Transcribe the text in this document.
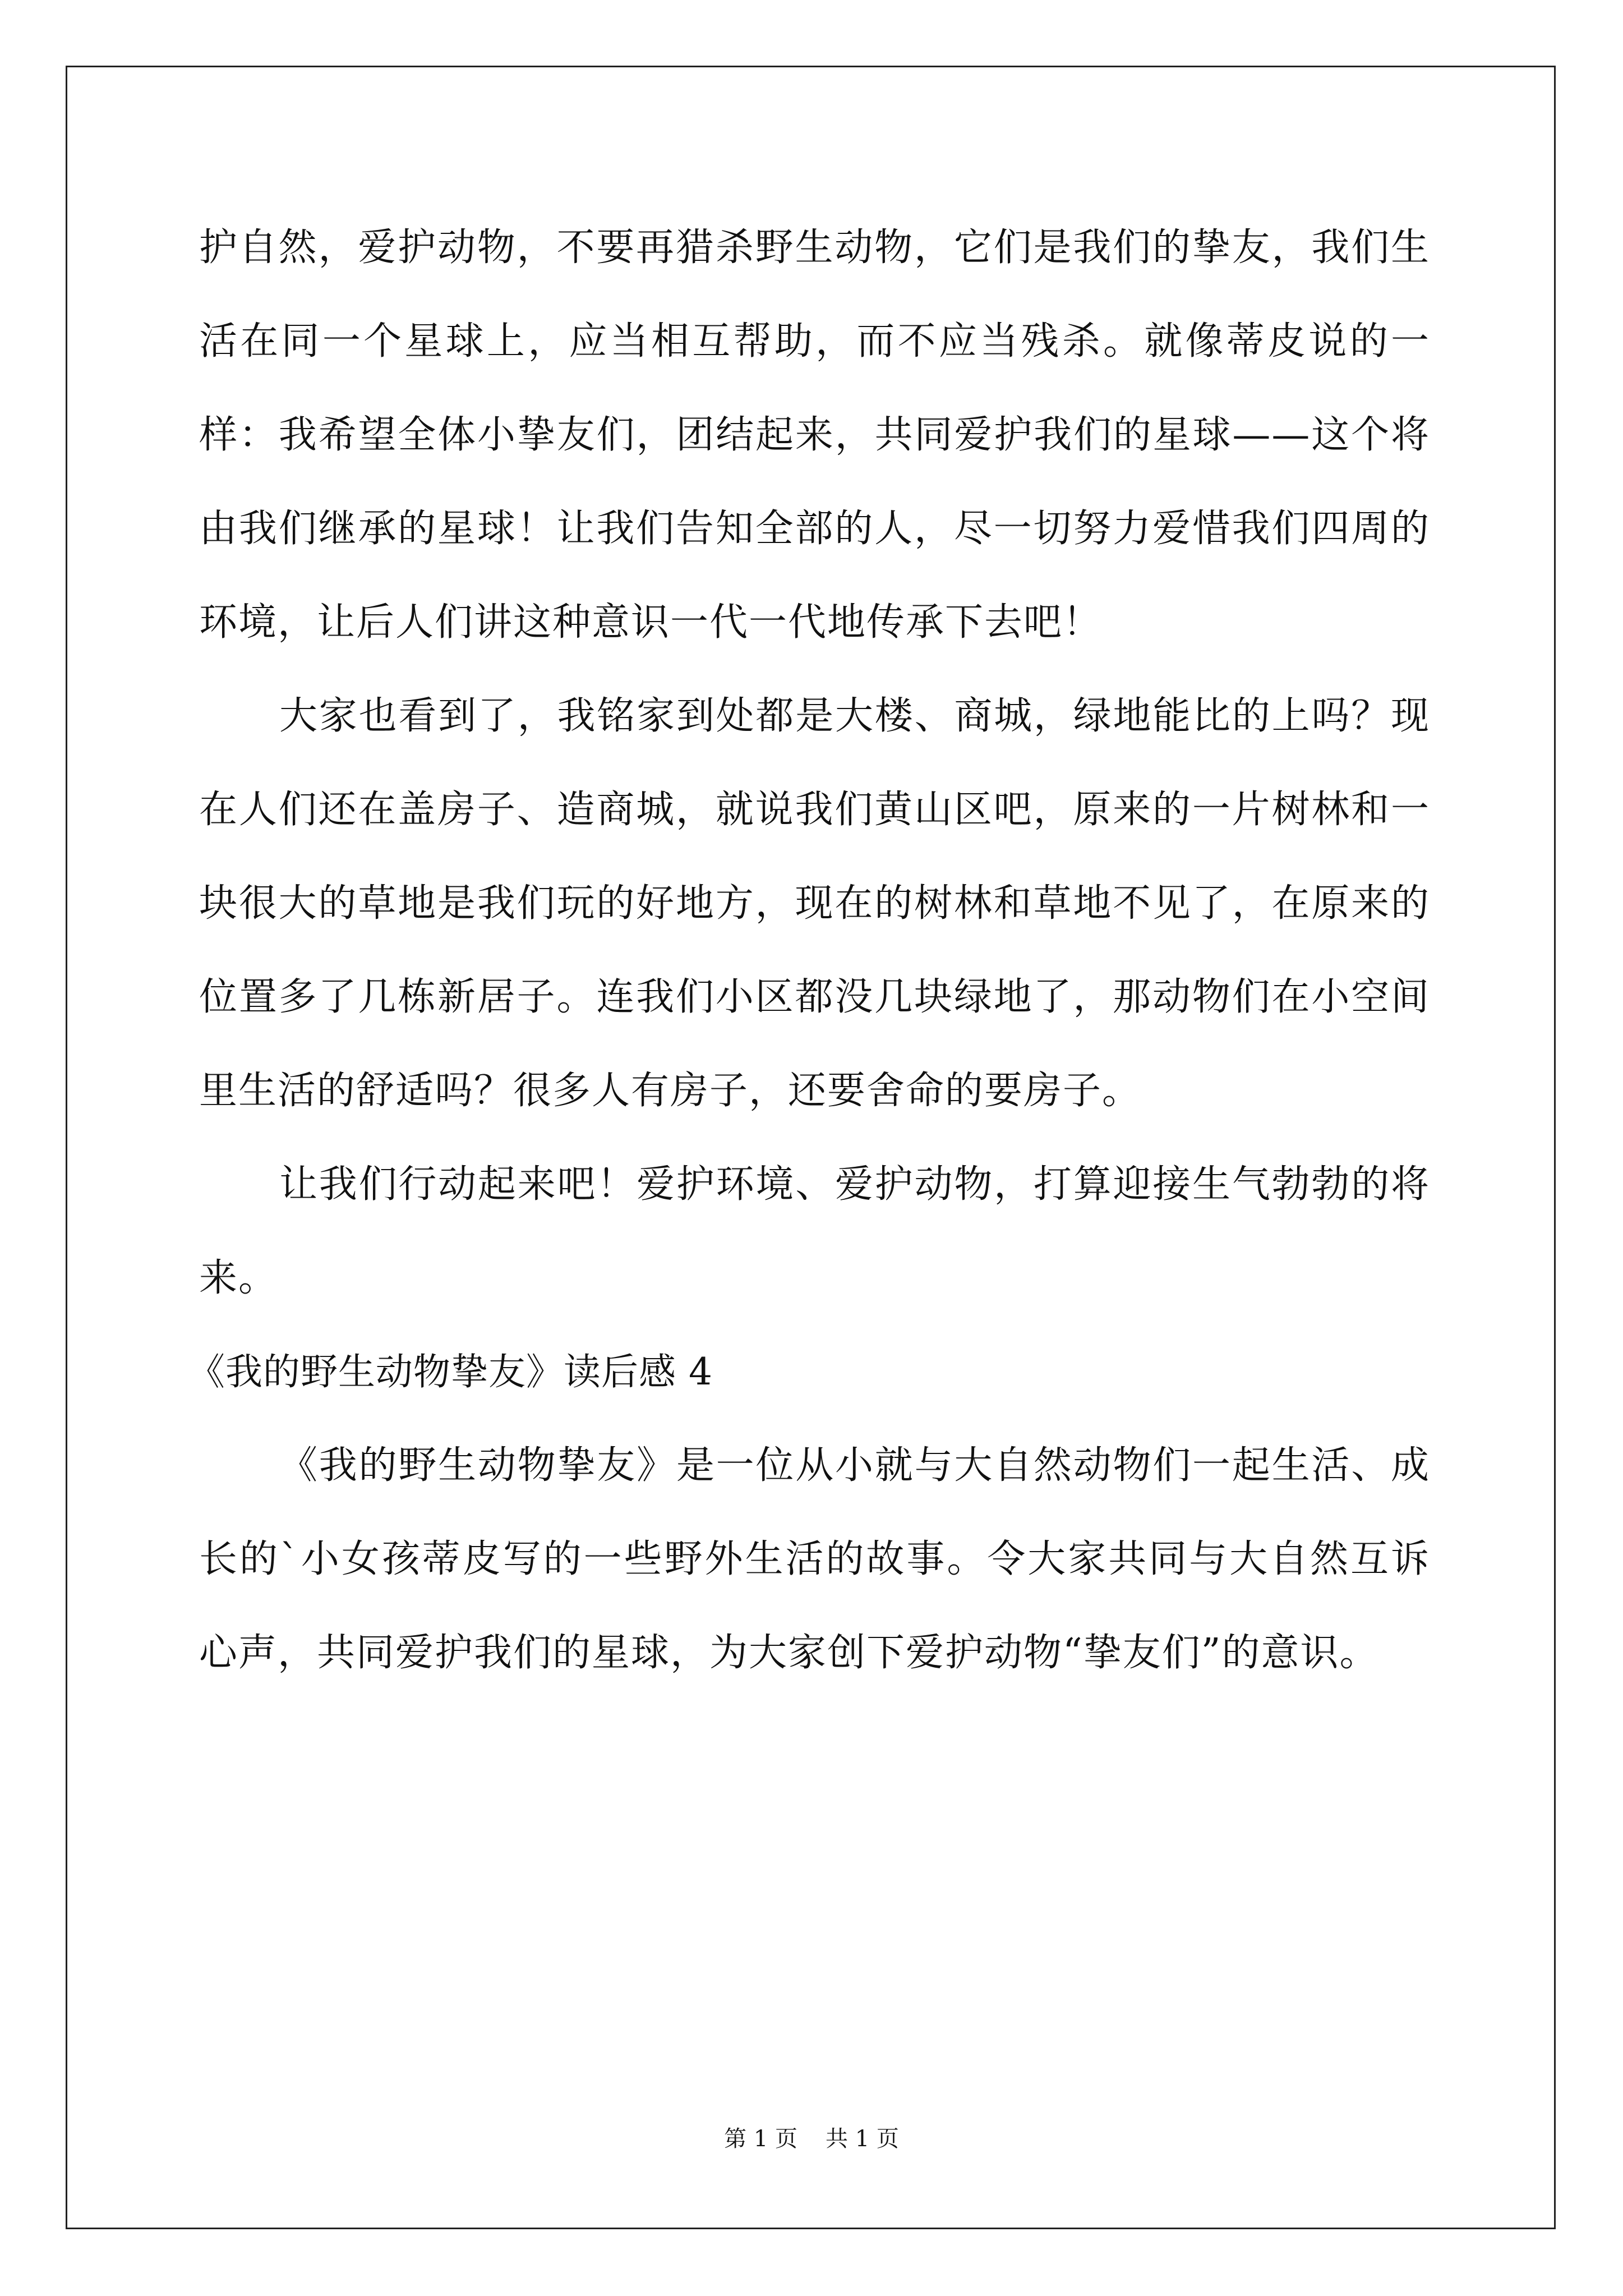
护自然，爱护动物，不要再猎杀野生动物，它们是我们的挚友，我们生活在同一个星球上，应当相互帮助，而不应当残杀。就像蒂皮说的一样：我希望全体小挚友们，团结起来，共同爱护我们的星球——这个将由我们继承的星球！让我们告知全部的人，尽一切努力爱惜我们四周的环境，让后人们讲这种意识一代一代地传承下去吧！

大家也看到了，我铭家到处都是大楼、商城，绿地能比的上吗？现在人们还在盖房子、造商城，就说我们黄山区吧，原来的一片树林和一块很大的草地是我们玩的好地方，现在的树林和草地不见了，在原来的位置多了几栋新居子。连我们小区都没几块绿地了，那动物们在小空间里生活的舒适吗？很多人有房子，还要舍命的要房子。

让我们行动起来吧！爱护环境、爱护动物，打算迎接生气勃勃的将来。

《我的野生动物挚友》读后感 4

《我的野生动物挚友》是一位从小就与大自然动物们一起生活、成长的`小女孩蒂皮写的一些野外生活的故事。令大家共同与大自然互诉心声，共同爱护我们的星球，为大家创下爱护动物“挚友们”的意识。

第 1 页 共 1 页
